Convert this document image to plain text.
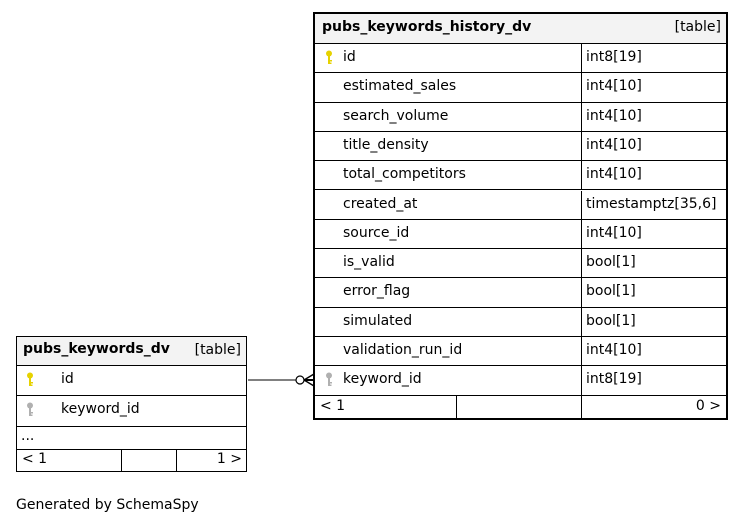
pubs_keywords_history_dv	[table]
id	int8[19]
estimated_sales	int4[10]
search_volume	int4[10]
title_density	int4[10]
total_competitors	int4[10]
created_at	timestamptz[35,6]
source_id	int4[10]
is_valid	bool[1]
error_flag	bool[1]
simulated	bool[1]
validation_run_id	int4[10]
keyword_id	int8[19]
< 1	0 >
pubs_keywords_dv [table]
id
keyword_id
...
< 1	1 >
Generated by SchemaSpy
